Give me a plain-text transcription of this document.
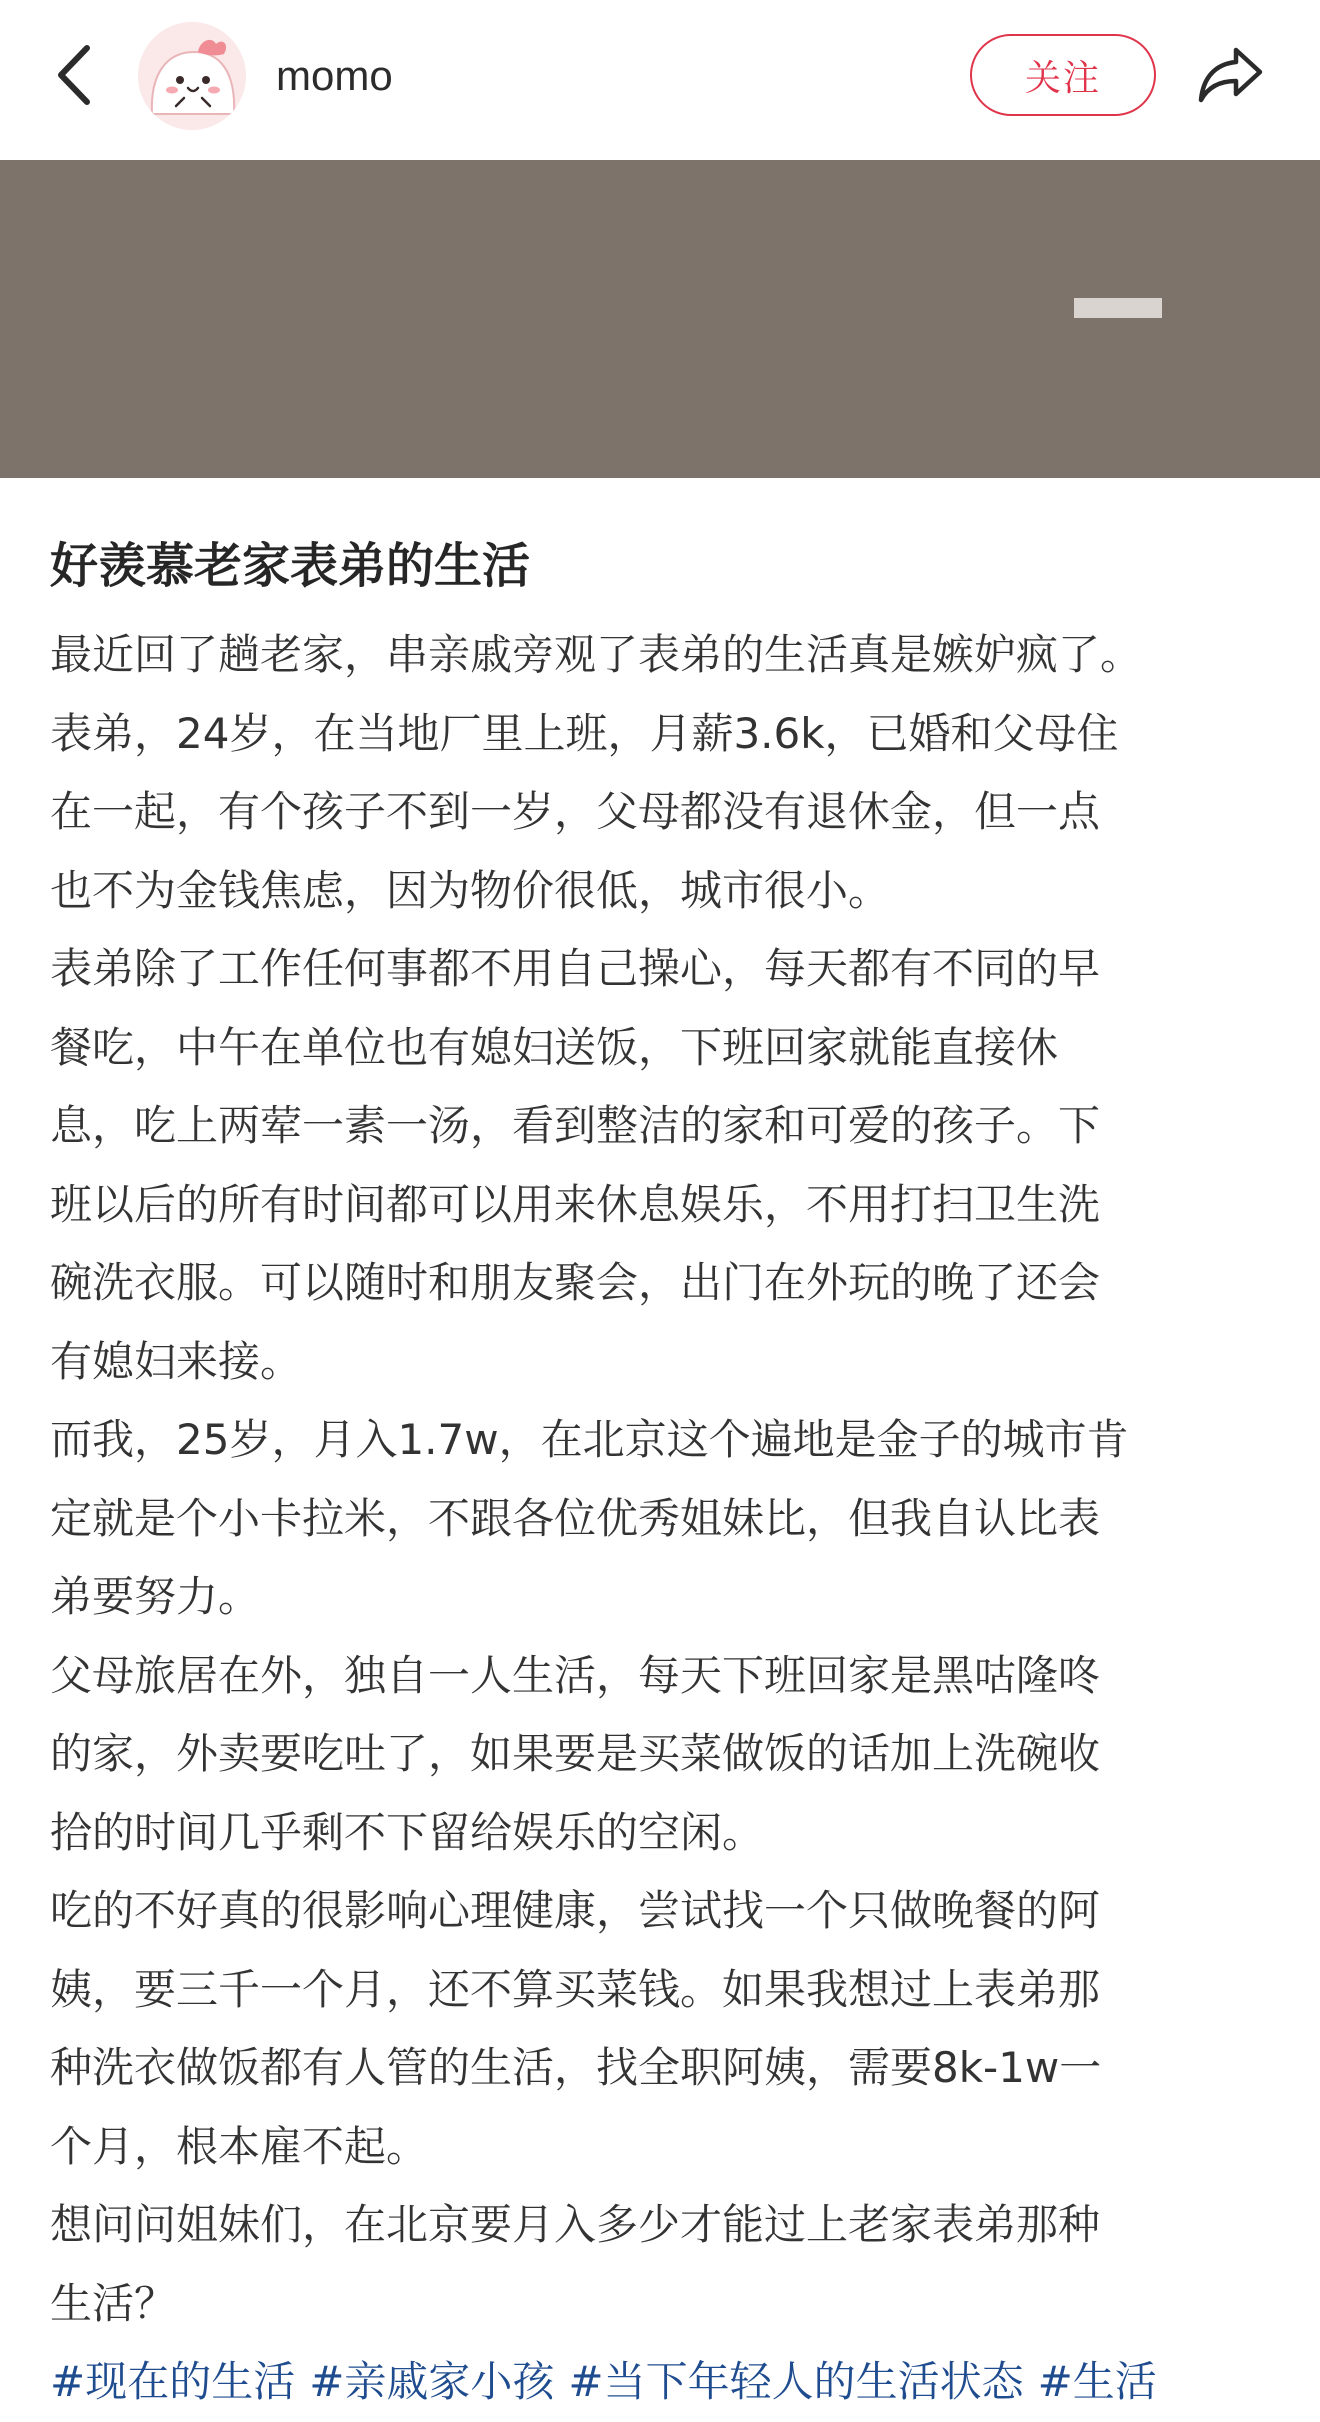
momo	关注
好羡慕老家表弟的生活

最近回了趟老家，串亲戚旁观了表弟的生活真是嫉妒疯了。

表弟，24岁，在当地厂里上班，月薪3.6k，已婚和父母住
在一起，有个孩子不到一岁，父母都没有退休金，但一点
也不为金钱焦虑，因为物价很低，城市很小。

表弟除了工作任何事都不用自己操心，每天都有不同的早
餐吃，中午在单位也有媳妇送饭，下班回家就能直接休
息，吃上两荤一素一汤，看到整洁的家和可爱的孩子。下
班以后的所有时间都可以用来休息娱乐，不用打扫卫生洗
碗洗衣服。可以随时和朋友聚会，出门在外玩的晚了还会
有媳妇来接。

而我，25岁，月入1.7w，在北京这个遍地是金子的城市肯
定就是个小卡拉米，不跟各位优秀姐妹比，但我自认比表
弟要努力。

父母旅居在外，独自一人生活，每天下班回家是黑咕隆咚
的家，外卖要吃吐了，如果要是买菜做饭的话加上洗碗收
拾的时间几乎剩不下留给娱乐的空闲。

吃的不好真的很影响心理健康，尝试找一个只做晚餐的阿
姨，要三千一个月，还不算买菜钱。如果我想过上表弟那
种洗衣做饭都有人管的生活，找全职阿姨，需要8k-1w一
个月，根本雇不起。

想问问姐妹们，在北京要月入多少才能过上老家表弟那种
生活？

#现在的生活 #亲戚家小孩 #当下年轻人的生活状态 #生活
